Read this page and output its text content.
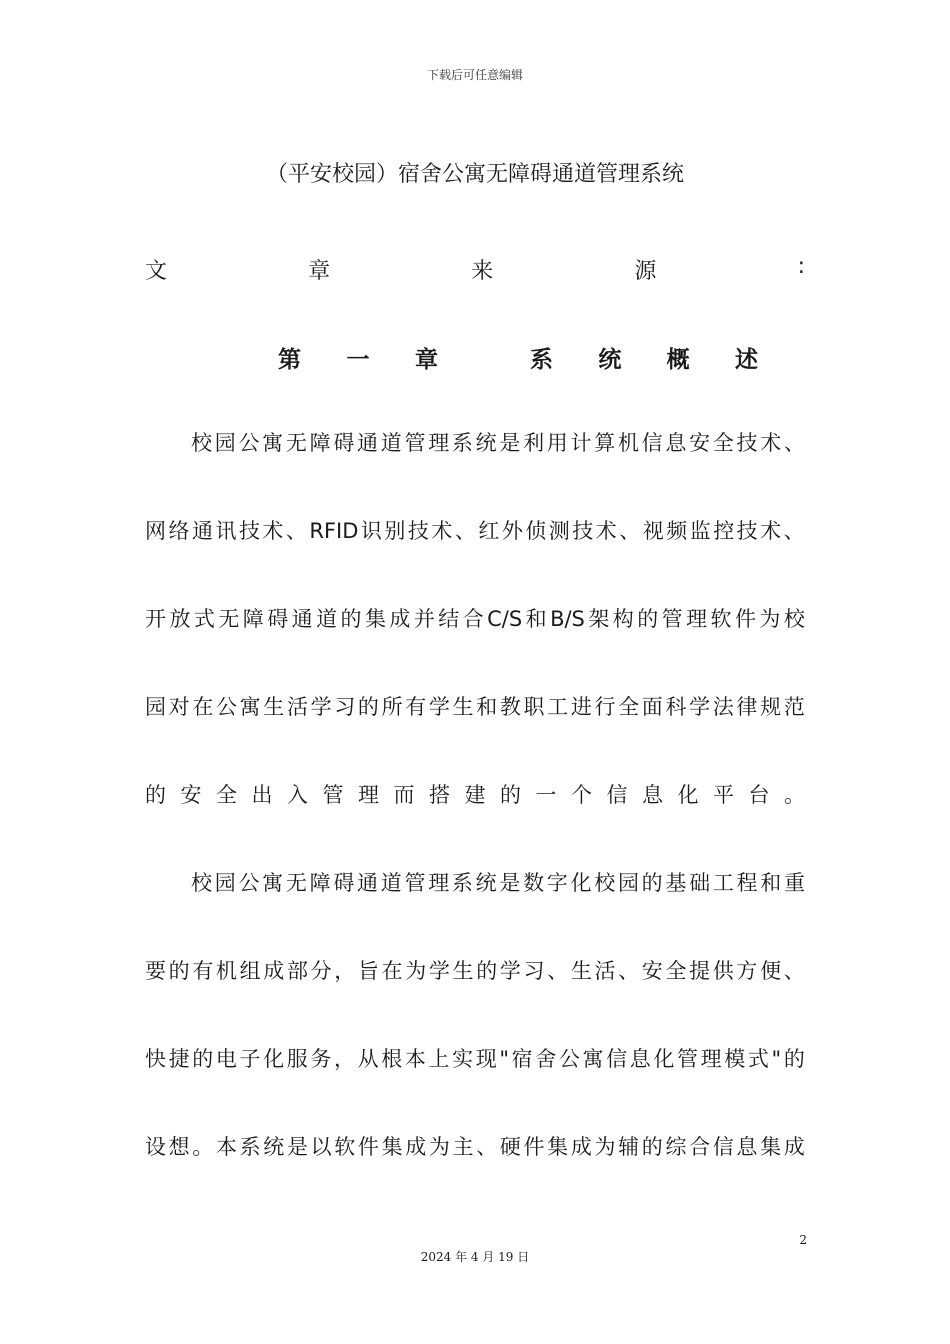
下载后可任意编辑
（平安校园）宿舍公寓无障碍通道管理系统
文	章	来	源	:
第 一 章	系 统 概 述
校 园 公 寓 无 障 碍 通 道 管 理 系 统 是 利 用 计 算 机 信 息 安 全 技 术 、
网 络 通 讯 技 术 、 RFID 识 别 技 术 、 红 外 侦 测 技 术 、 视 频 监 控 技 术 、
开 放 式 无 障 碍 通 道 的 集 成 并 结 合 C/S 和 B/S 架 构 的 管 理 软 件 为 校
园 对 在 公 寓 生 活 学 习 的 所 有 学 生 和 教 职 工 进 行 全 面 科 学 法 律 规 范
的 安 全 出 入 管 理 而 搭 建 的 一 个 信 息 化 平 台 。
校 园 公 寓 无 障 碍 通 道 管 理 系 统 是 数 字 化 校 园 的 基 础 工 程 和 重
要 的 有 机 组 成 部 分 ， 旨 在 为 学 生 的 学 习 、 生 活 、 安 全 提 供 方 便 、
快 捷 的 电 子 化 服 务 ， 从 根 本 上 实 现 " 宿 舍 公 寓 信 息 化 管 理 模 式 " 的
设 想 。 本 系 统 是 以 软 件 集 成 为 主 、 硬 件 集 成 为 辅 的 综 合 信 息 集 成
2
2024 年 4 月 19 日
